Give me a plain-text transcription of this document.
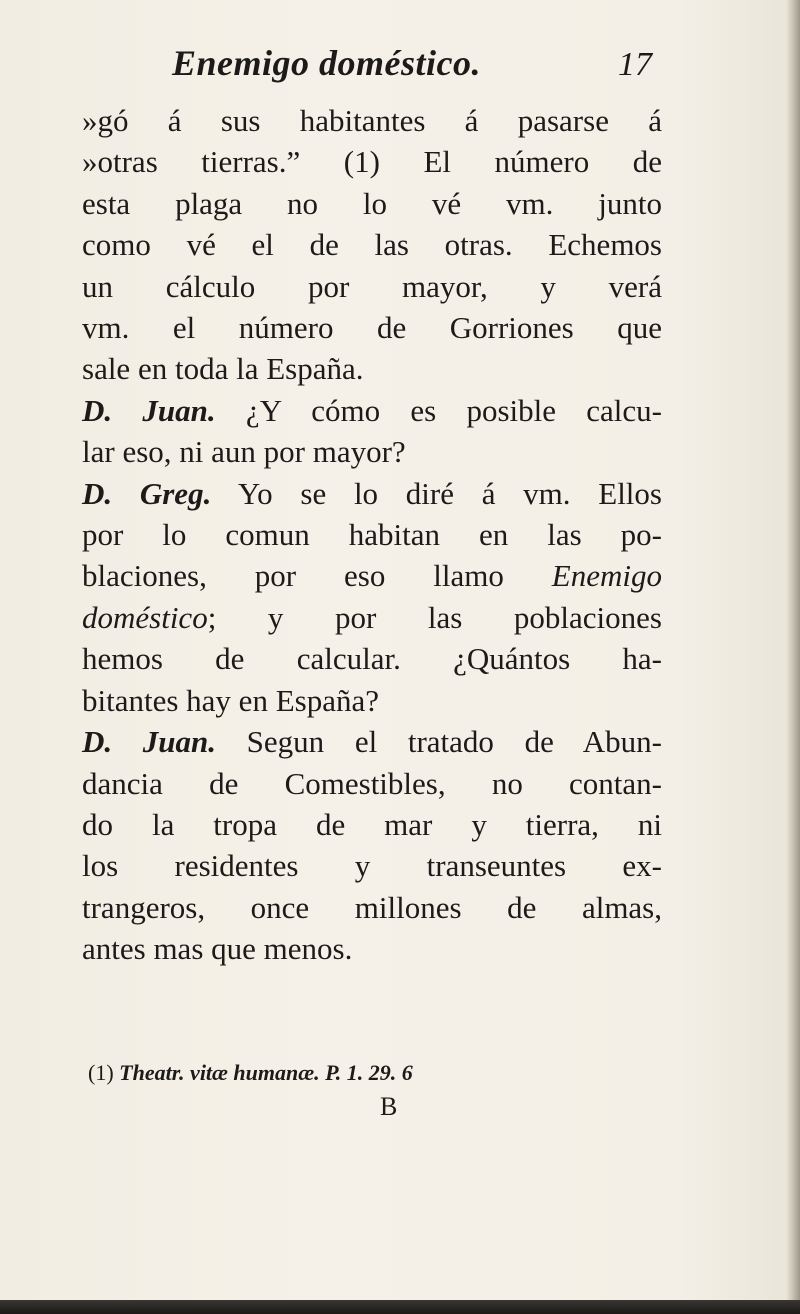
Enemigo doméstico.	17
»gó á sus habitantes á pasarse á
»otras tierras.” (1) El número de
esta plaga no lo vé vm. junto
como vé el de las otras. Echemos
un cálculo por mayor, y verá
vm. el número de Gorriones que
sale en toda la España.
D. Juan. ¿Y cómo es posible calcu-
lar eso, ni aun por mayor?
D. Greg. Yo se lo diré á vm. Ellos
por lo comun habitan en las po-
blaciones, por eso llamo Enemigo
doméstico; y por las poblaciones
hemos de calcular. ¿Quántos ha-
bitantes hay en España?
D. Juan. Segun el tratado de Abun-
dancia de Comestibles, no contan-
do la tropa de mar y tierra, ni
los residentes y transeuntes ex-
trangeros, once millones de almas,
antes mas que menos.
(1) Theatr. vitæ humanæ. P. 1. 29. 6
B
